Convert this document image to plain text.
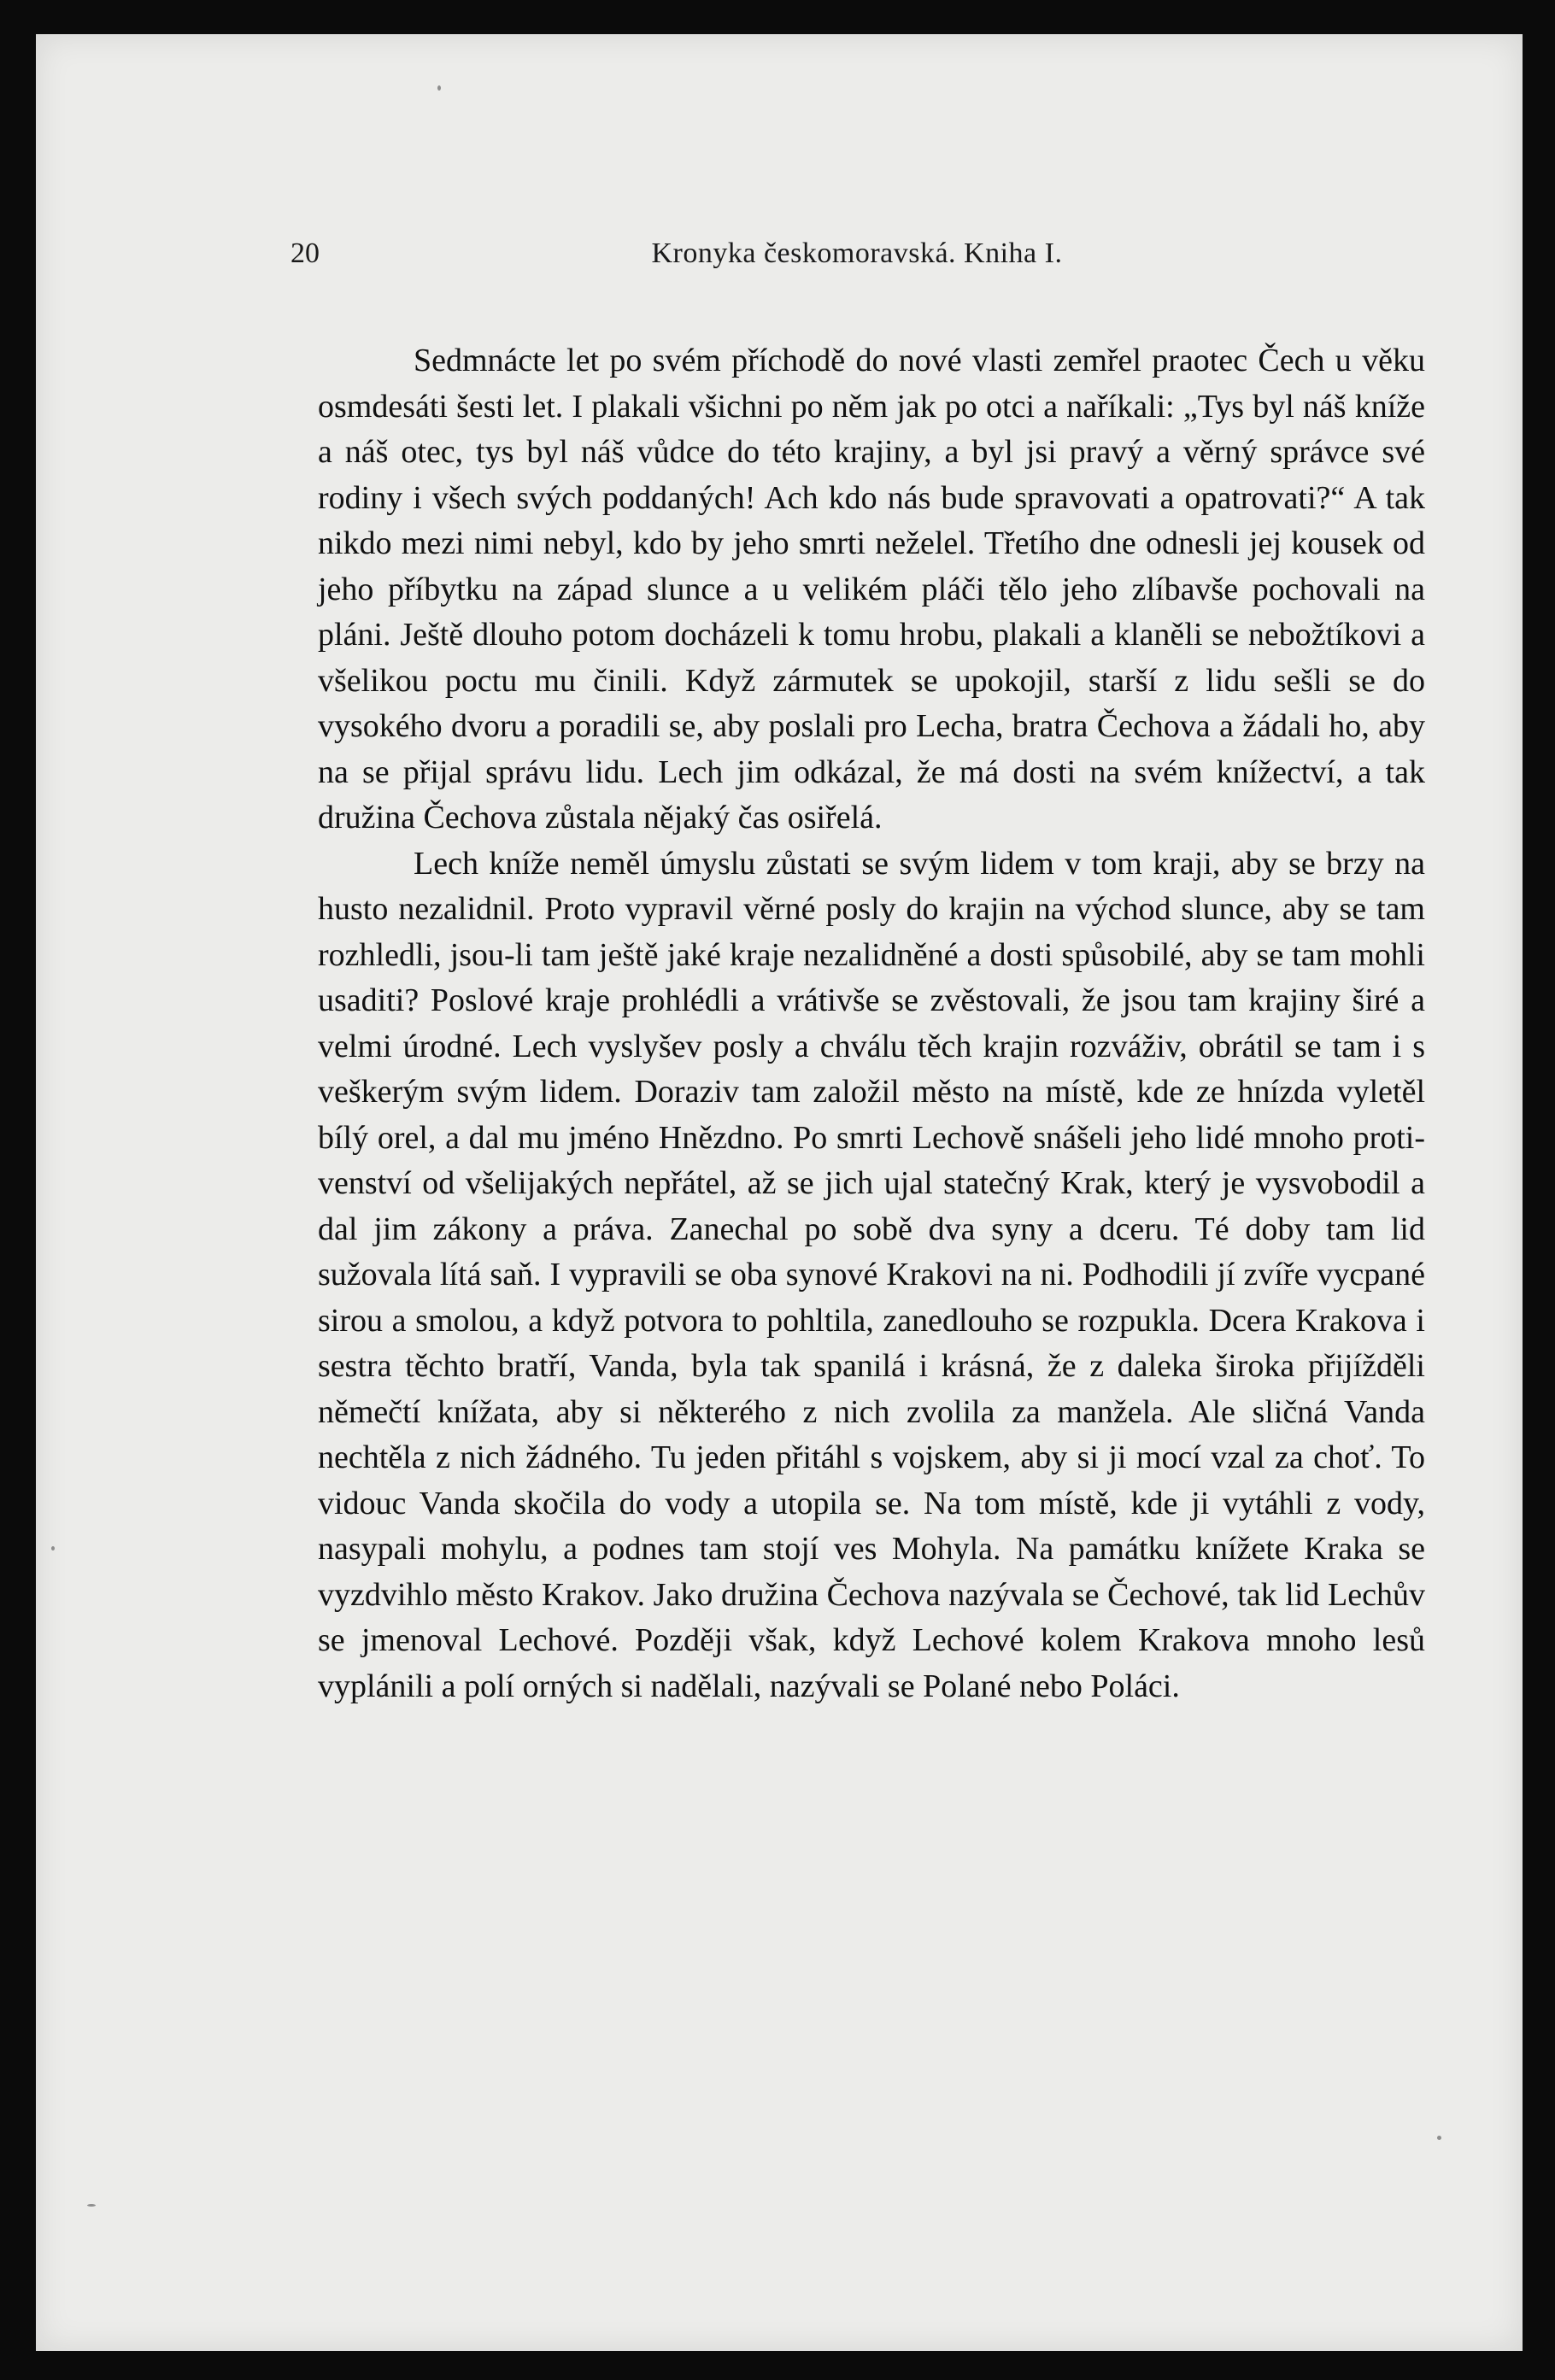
20	Kronyka českomoravská. Kniha I.

Sedmnácte let po svém příchodě do nové vlasti zemřel praotec Čech u věku osmdesáti šesti let. I plakali všichni po něm jak po otci a naříkali: „Tys byl náš kníže a náš otec, tys byl náš vůdce do této krajiny, a byl jsi pravý a věrný správce své rodiny i všech svých poddaných! Ach kdo nás bude spravovati a opatrovati?“ A tak nikdo mezi nimi nebyl, kdo by jeho smrti neželel. Třetího dne odnesli jej kousek od jeho příbytku na západ slunce a u velikém pláči tělo jeho zlíbavše pochovali na pláni. Ještě dlouho potom docházeli k tomu hrobu, plakali a klaněli se nebožtíkovi a všelikou poctu mu činili. Když zármutek se upokojil, starší z lidu sešli se do vysokého dvoru a poradili se, aby poslali pro Lecha, bratra Čechova a žádali ho, aby na se přijal správu lidu. Lech jim odkázal, že má dosti na svém knížectví, a tak družina Čechova zůstala nějaký čas osiřelá.

Lech kníže neměl úmyslu zůstati se svým lidem v tom kraji, aby se brzy na husto nezalidnil. Proto vypravil věrné posly do krajin na východ slunce, aby se tam rozhledli, jsou-li tam ještě jaké kraje nezalidněné a dosti spůsobilé, aby se tam mohli usaditi? Poslové kraje prohlédli a vrátivše se zvěstovali, že jsou tam krajiny širé a velmi úrodné. Lech vyslyšev posly a chválu těch krajin rozváživ, obrátil se tam i s veškerým svým lidem. Doraziv tam založil město na místě, kde ze hnízda vyletěl bílý orel, a dal mu jméno Hnězdno. Po smrti Lechově snášeli jeho lidé mnoho protivenství od všelijakých nepřátel, až se jich ujal statečný Krak, který je vysvobodil a dal jim zákony a práva. Zanechal po sobě dva syny a dceru. Té doby tam lid sužovala lítá saň. I vypravili se oba synové Krakovi na ni. Podhodili jí zvíře vycpané sirou a smolou, a když potvora to pohltila, zanedlouho se rozpukla. Dcera Krakova i sestra těchto bratří, Vanda, byla tak spanilá i krásná, že z daleka široka přijížděli němečtí knížata, aby si některého z nich zvolila za manžela. Ale sličná Vanda nechtěla z nich žádného. Tu jeden přitáhl s vojskem, aby si ji mocí vzal za choť. To vidouc Vanda skočila do vody a utopila se. Na tom místě, kde ji vytáhli z vody, nasypali mohylu, a podnes tam stojí ves Mohyla. Na památku knížete Kraka se vyzdvihlo město Krakov. Jako družina Čechova nazývala se Čechové, tak lid Lechův se jmenoval Lechové. Později však, když Lechové kolem Krakova mnoho lesů vyplánili a polí orných si nadělali, nazývali se Polané nebo Poláci.
